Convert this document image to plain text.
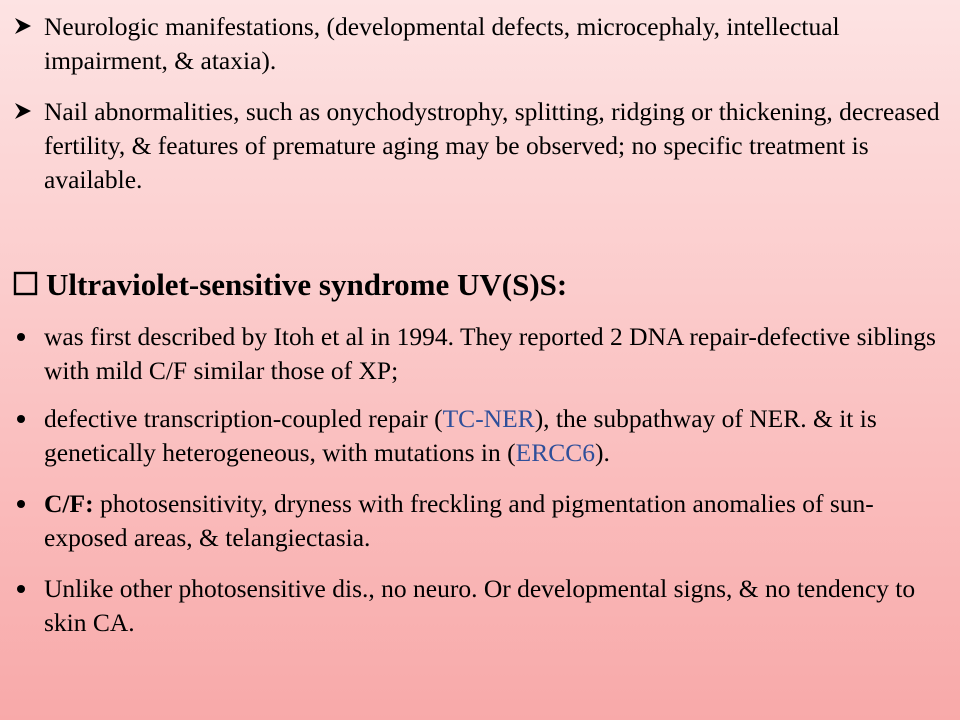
Neurologic manifestations, (developmental defects, microcephaly, intellectual impairment, & ataxia).
Nail abnormalities, such as onychodystrophy, splitting, ridging or thickening, decreased fertility, & features of premature aging may be observed; no specific treatment is available.
Ultraviolet-sensitive syndrome UV(S)S:
was first described by Itoh et al in 1994. They reported 2 DNA repair-defective siblings with mild C/F similar those of XP;
defective transcription-coupled repair (TC-NER), the subpathway of NER. & it is genetically heterogeneous, with mutations in (ERCC6).
C/F: photosensitivity, dryness with freckling and pigmentation anomalies of sun-exposed areas, & telangiectasia.
Unlike other photosensitive dis., no neuro. Or developmental signs, & no tendency to skin CA.
